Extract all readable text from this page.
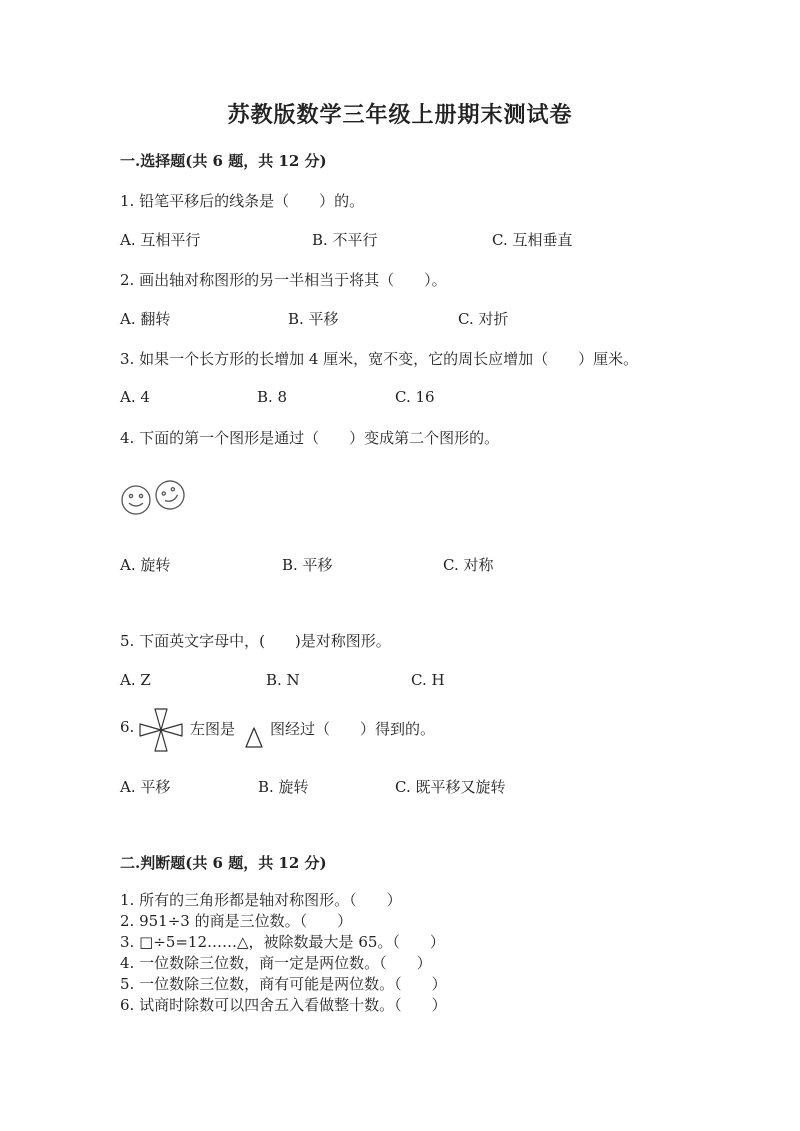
苏教版数学三年级上册期末测试卷
一.选择题(共 6 题，共 12 分)
1. 铅笔平移后的线条是（　　）的。
A. 互相平行	B. 不平行	C. 互相垂直
2. 画出轴对称图形的另一半相当于将其（　　）。
A. 翻转	B. 平移	C. 对折
3. 如果一个长方形的长增加 4 厘米，宽不变，它的周长应增加（　　）厘米。
A. 4	B. 8	C. 16
4. 下面的第一个图形是通过（　　）变成第二个图形的。
A. 旋转	B. 平移	C. 对称
5. 下面英文字母中，(　　)是对称图形。
A. Z	B. N	C. H
6.	左图是 图经过（　　）得到的。
A. 平移	B. 旋转	C. 既平移又旋转
二.判断题(共 6 题，共 12 分)
1. 所有的三角形都是轴对称图形。（　　）
2. 951÷3 的商是三位数。（　　）
3. □÷5=12……△，被除数最大是 65。（　　）
4. 一位数除三位数，商一定是两位数。（　　）
5. 一位数除三位数，商有可能是两位数。（　　）
6. 试商时除数可以四舍五入看做整十数。（　　）
